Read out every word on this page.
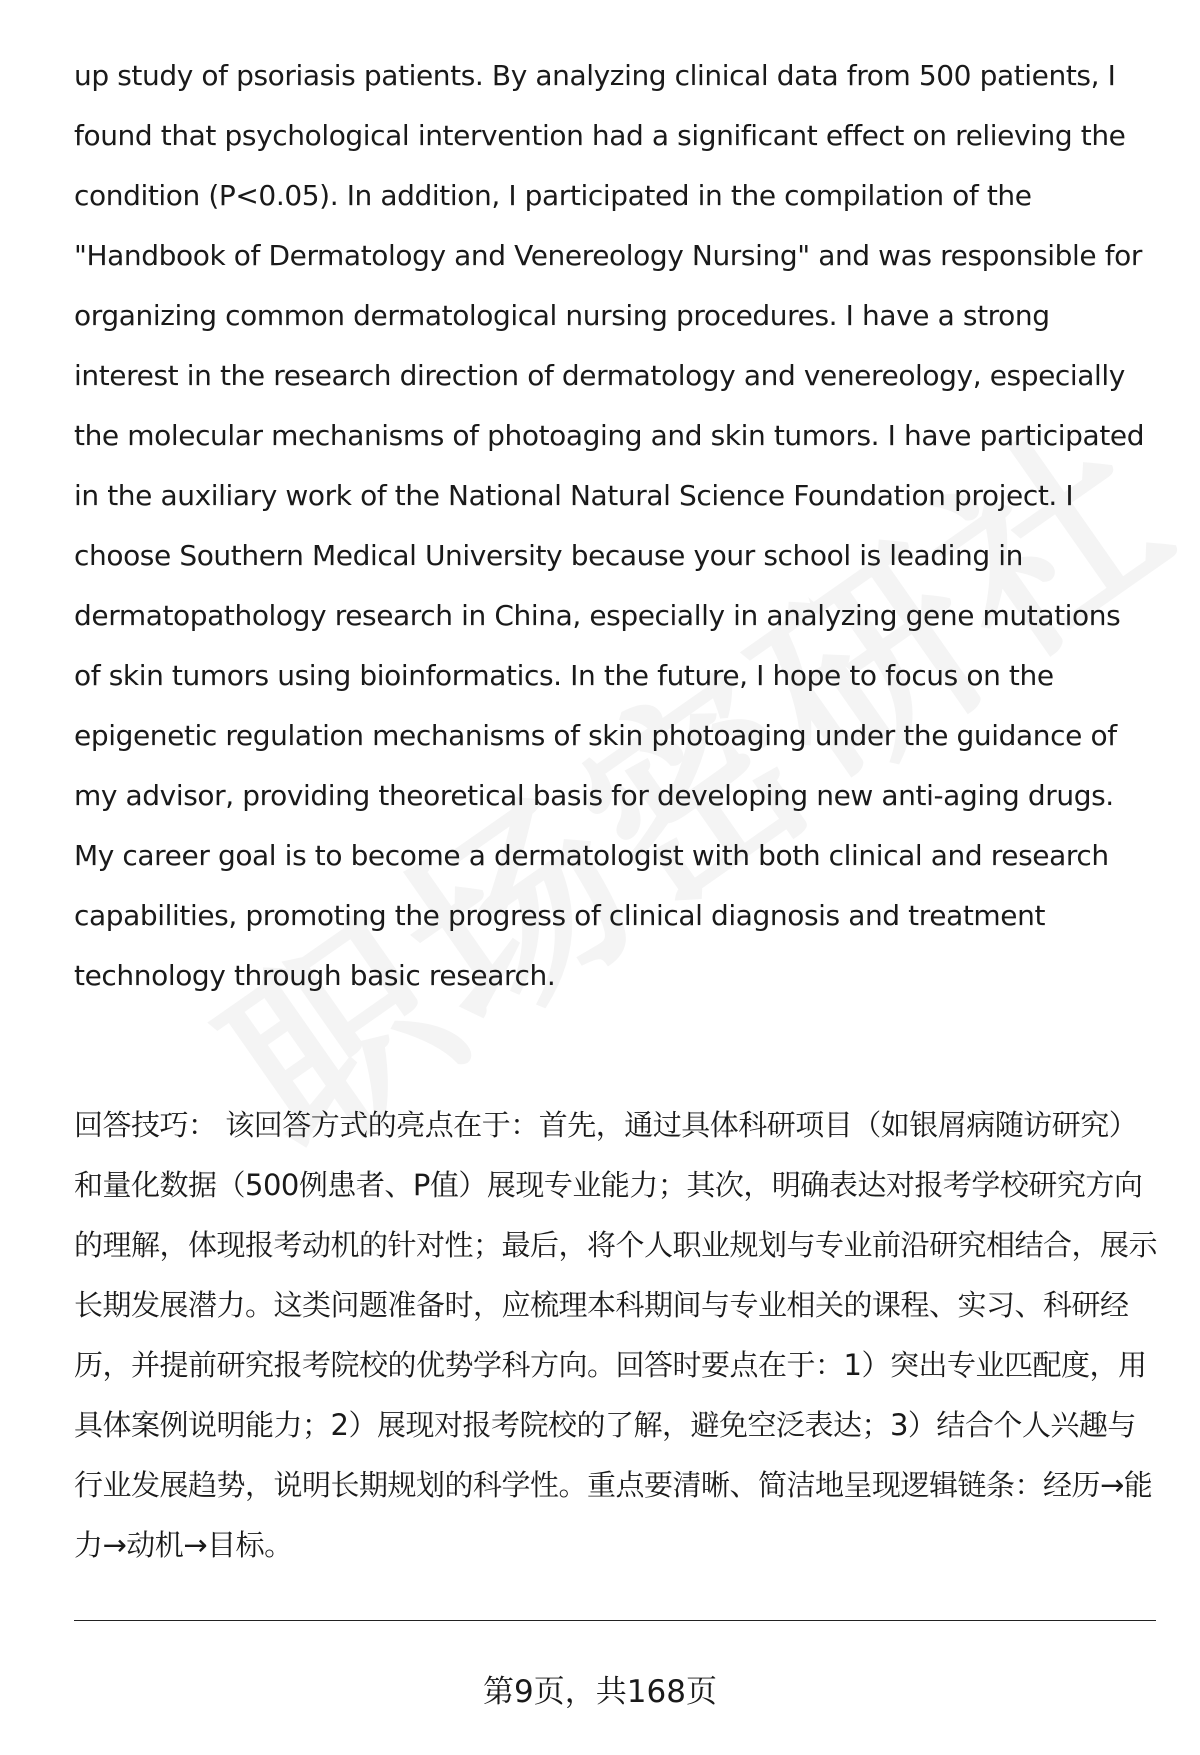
up study of psoriasis patients. By analyzing clinical data from 500 patients, I found that psychological intervention had a significant effect on relieving the condition (P<0.05). In addition, I participated in the compilation of the "Handbook of Dermatology and Venereology Nursing" and was responsible for organizing common dermatological nursing procedures. I have a strong interest in the research direction of dermatology and venereology, especially the molecular mechanisms of photoaging and skin tumors. I have participated in the auxiliary work of the National Natural Science Foundation project. I choose Southern Medical University because your school is leading in dermatopathology research in China, especially in analyzing gene mutations of skin tumors using bioinformatics. In the future, I hope to focus on the epigenetic regulation mechanisms of skin photoaging under the guidance of my advisor, providing theoretical basis for developing new anti-aging drugs. My career goal is to become a dermatologist with both clinical and research capabilities, promoting the progress of clinical diagnosis and treatment technology through basic research.

回答技巧： 该回答方式的亮点在于：首先，通过具体科研项目（如银屑病随访研究）和量化数据（500例患者、P值）展现专业能力；其次，明确表达对报考学校研究方向的理解，体现报考动机的针对性；最后，将个人职业规划与专业前沿研究相结合，展示长期发展潜力。这类问题准备时，应梳理本科期间与专业相关的课程、实习、科研经历，并提前研究报考院校的优势学科方向。回答时要点在于：1）突出专业匹配度，用具体案例说明能力；2）展现对报考院校的了解，避免空泛表达；3）结合个人兴趣与行业发展趋势，说明长期规划的科学性。重点要清晰、简洁地呈现逻辑链条：经历→能力→动机→目标。

第9页，共168页
